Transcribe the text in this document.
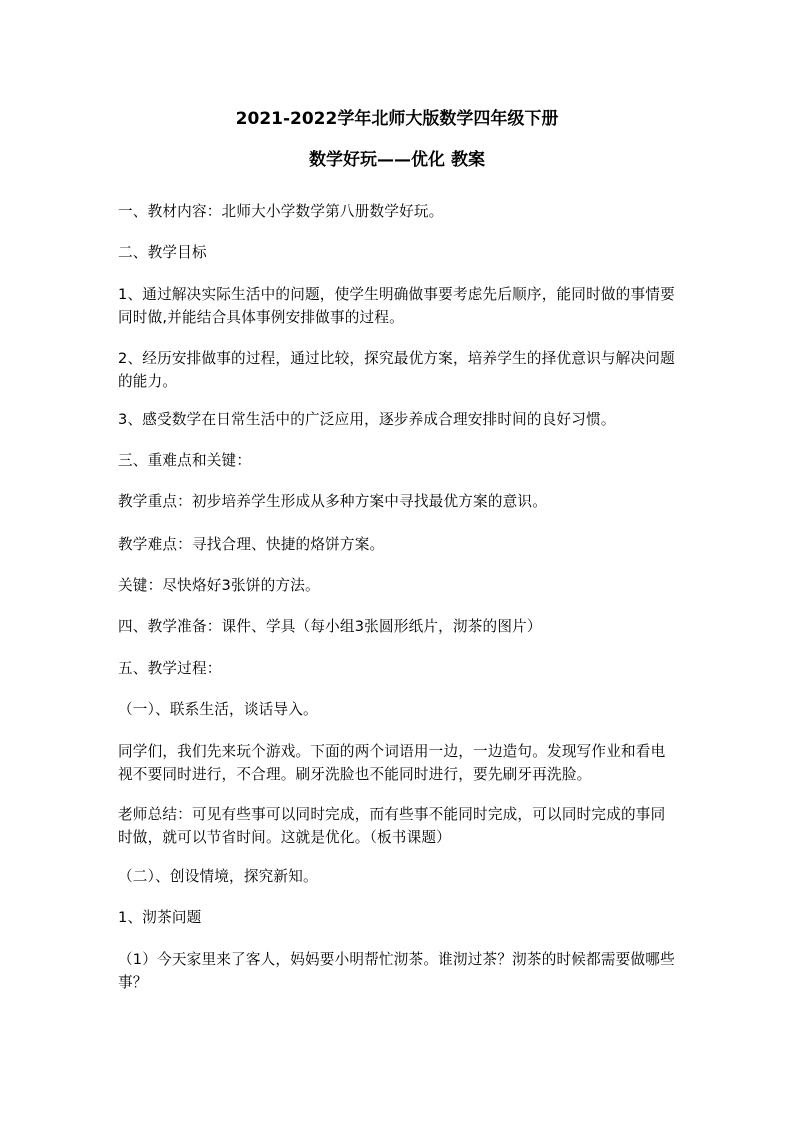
2021-2022学年北师大版数学四年级下册
数学好玩——优化 教案

一、教材内容：北师大小学数学第八册数学好玩。

二、教学目标

1、通过解决实际生活中的问题，使学生明确做事要考虑先后顺序，能同时做的事情要同时做,并能结合具体事例安排做事的过程。

2、经历安排做事的过程，通过比较，探究最优方案，培养学生的择优意识与解决问题的能力。

3、感受数学在日常生活中的广泛应用，逐步养成合理安排时间的良好习惯。

三、重难点和关键：

教学重点：初步培养学生形成从多种方案中寻找最优方案的意识。

教学难点：寻找合理、快捷的烙饼方案。

关键：尽快烙好3张饼的方法。

四、教学准备：课件、学具（每小组3张圆形纸片，沏茶的图片）

五、教学过程：

（一）、联系生活，谈话导入。

同学们，我们先来玩个游戏。下面的两个词语用一边，一边造句。发现写作业和看电视不要同时进行，不合理。刷牙洗脸也不能同时进行，要先刷牙再洗脸。

老师总结：可见有些事可以同时完成，而有些事不能同时完成，可以同时完成的事同时做，就可以节省时间。这就是优化。（板书课题）

（二）、创设情境，探究新知。

1、沏茶问题

（1）今天家里来了客人，妈妈要小明帮忙沏茶。谁沏过茶？沏茶的时候都需要做哪些事？
